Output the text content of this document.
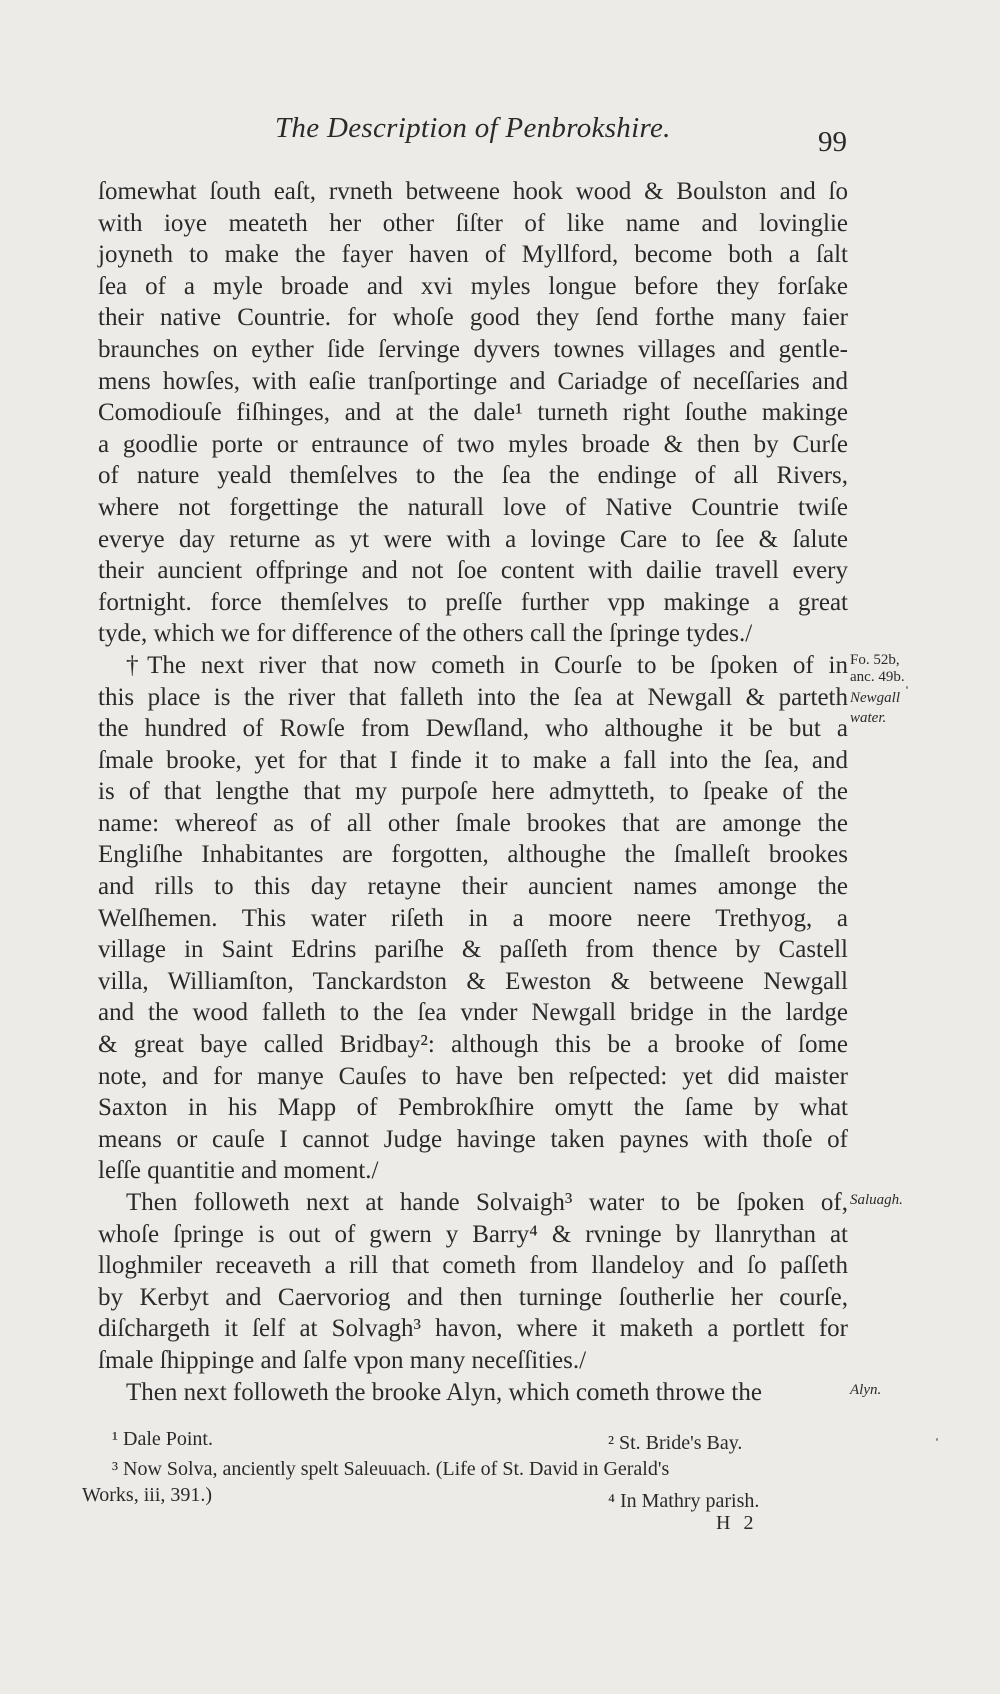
The Description of Penbrokshire.	99
ſomewhat ſouth eaſt, rvneth betweene hook wood & Boulston and ſo
with ioye meateth her other ſiſter of like name and lovinglie
joyneth to make the fayer haven of Myllford, become both a ſalt
ſea of a myle broade and xvi myles longue before they forſake
their native Countrie. for whoſe good they ſend forthe many faier
braunches on eyther ſide ſervinge dyvers townes villages and gentle-
mens howſes, with eaſie tranſportinge and Cariadge of neceſſaries and
Comodiouſe fiſhinges, and at the dale¹ turneth right ſouthe makinge
a goodlie porte or entraunce of two myles broade & then by Curſe
of nature yeald themſelves to the ſea the endinge of all Rivers,
where not forgettinge the naturall love of Native Countrie twiſe
everye day returne as yt were with a lovinge Care to ſee & ſalute
their auncient offpringe and not ſoe content with dailie travell every
fortnight. force themſelves to preſſe further vpp makinge a great
tyde, which we for difference of the others call the ſpringe tydes./
†The next river that now cometh in Courſe to be ſpoken of in
this place is the river that falleth into the ſea at Newgall & parteth
the hundred of Rowſe from Dewſland, who althoughe it be but a
ſmale brooke, yet for that I finde it to make a fall into the ſea, and
is of that lengthe that my purpoſe here admytteth, to ſpeake of the
name: whereof as of all other ſmale brookes that are amonge the
Engliſhe Inhabitantes are forgotten, althoughe the ſmalleſt brookes
and rills to this day retayne their auncient names amonge the
Welſhemen. This water riſeth in a moore neere Trethyog, a
village in Saint Edrins pariſhe & paſſeth from thence by Castell
villa, Williamſton, Tanckardston & Eweston & betweene Newgall
and the wood falleth to the ſea vnder Newgall bridge in the lardge
& great baye called Bridbay²: although this be a brooke of ſome
note, and for manye Cauſes to have ben reſpected: yet did maister
Saxton in his Mapp of Pembrokſhire omytt the ſame by what
means or cauſe I cannot Judge havinge taken paynes with thoſe of
leſſe quantitie and moment./
Then followeth next at hande Solvaigh³ water to be ſpoken of,
whoſe ſpringe is out of gwern y Barry⁴ & rvninge by llanrythan at
lloghmiler receaveth a rill that cometh from llandeloy and ſo paſſeth
by Kerbyt and Caervoriog and then turninge ſoutherlie her courſe,
diſchargeth it ſelf at Solvagh³ havon, where it maketh a portlett for
ſmale ſhippinge and ſalfe vpon many neceſſities./
Then next followeth the brooke Alyn, which cometh throwe the
Fo. 52b,
anc. 49b.
Newgall
water.
Saluagh.
Alyn.
¹ Dale Point.	² St. Bride's Bay.
³ Now Solva, anciently spelt Saleuuach. (Life of St. David in Gerald's
Works, iii, 391.)	⁴ In Mathry parish.
H 2
